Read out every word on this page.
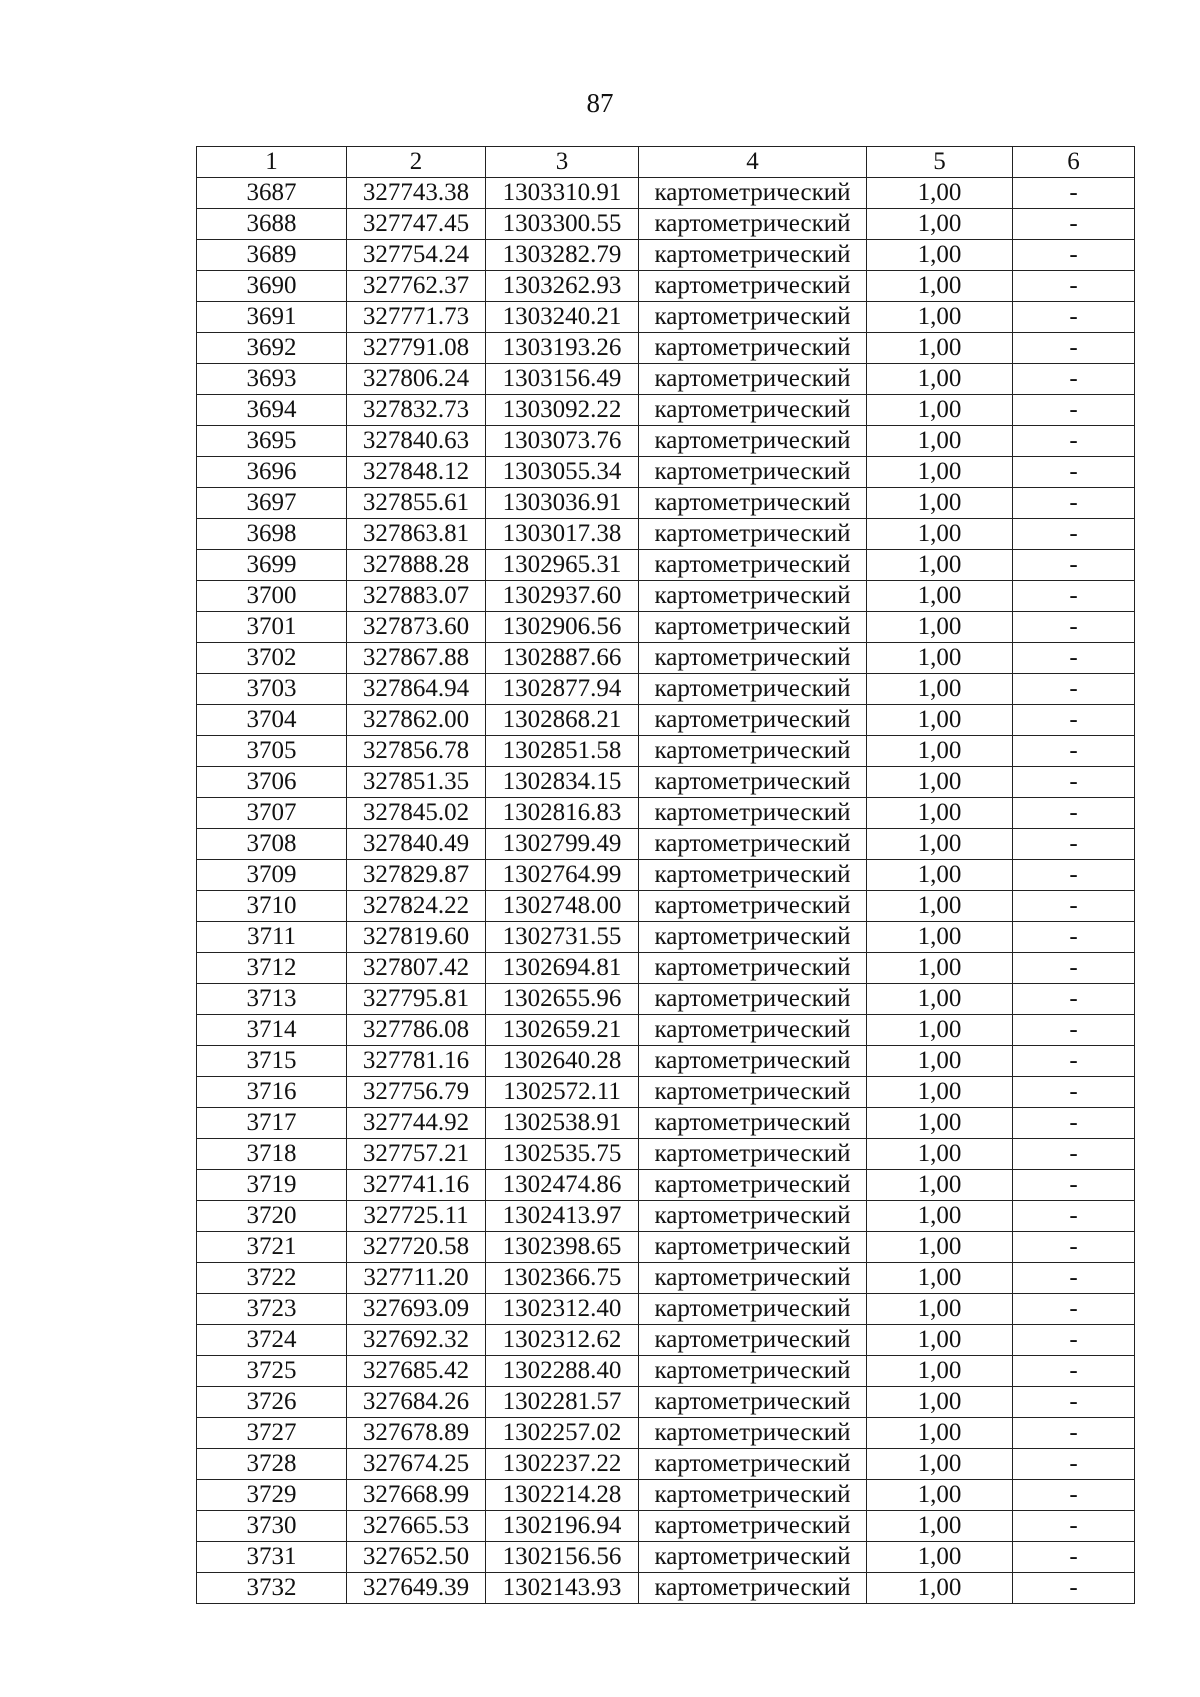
87
1	2	3	4	5	6
3687	327743.38	1303310.91	картометрический	1,00	-
3688	327747.45	1303300.55	картометрический	1,00	-
3689	327754.24	1303282.79	картометрический	1,00	-
3690	327762.37	1303262.93	картометрический	1,00	-
3691	327771.73	1303240.21	картометрический	1,00	-
3692	327791.08	1303193.26	картометрический	1,00	-
3693	327806.24	1303156.49	картометрический	1,00	-
3694	327832.73	1303092.22	картометрический	1,00	-
3695	327840.63	1303073.76	картометрический	1,00	-
3696	327848.12	1303055.34	картометрический	1,00	-
3697	327855.61	1303036.91	картометрический	1,00	-
3698	327863.81	1303017.38	картометрический	1,00	-
3699	327888.28	1302965.31	картометрический	1,00	-
3700	327883.07	1302937.60	картометрический	1,00	-
3701	327873.60	1302906.56	картометрический	1,00	-
3702	327867.88	1302887.66	картометрический	1,00	-
3703	327864.94	1302877.94	картометрический	1,00	-
3704	327862.00	1302868.21	картометрический	1,00	-
3705	327856.78	1302851.58	картометрический	1,00	-
3706	327851.35	1302834.15	картометрический	1,00	-
3707	327845.02	1302816.83	картометрический	1,00	-
3708	327840.49	1302799.49	картометрический	1,00	-
3709	327829.87	1302764.99	картометрический	1,00	-
3710	327824.22	1302748.00	картометрический	1,00	-
3711	327819.60	1302731.55	картометрический	1,00	-
3712	327807.42	1302694.81	картометрический	1,00	-
3713	327795.81	1302655.96	картометрический	1,00	-
3714	327786.08	1302659.21	картометрический	1,00	-
3715	327781.16	1302640.28	картометрический	1,00	-
3716	327756.79	1302572.11	картометрический	1,00	-
3717	327744.92	1302538.91	картометрический	1,00	-
3718	327757.21	1302535.75	картометрический	1,00	-
3719	327741.16	1302474.86	картометрический	1,00	-
3720	327725.11	1302413.97	картометрический	1,00	-
3721	327720.58	1302398.65	картометрический	1,00	-
3722	327711.20	1302366.75	картометрический	1,00	-
3723	327693.09	1302312.40	картометрический	1,00	-
3724	327692.32	1302312.62	картометрический	1,00	-
3725	327685.42	1302288.40	картометрический	1,00	-
3726	327684.26	1302281.57	картометрический	1,00	-
3727	327678.89	1302257.02	картометрический	1,00	-
3728	327674.25	1302237.22	картометрический	1,00	-
3729	327668.99	1302214.28	картометрический	1,00	-
3730	327665.53	1302196.94	картометрический	1,00	-
3731	327652.50	1302156.56	картометрический	1,00	-
3732	327649.39	1302143.93	картометрический	1,00	-
